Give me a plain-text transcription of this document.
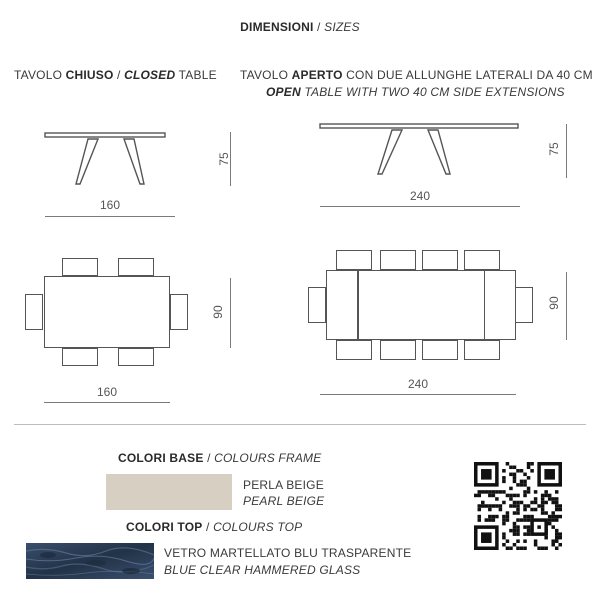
DIMENSIONI / SIZES
TAVOLO CHIUSO / CLOSED TABLE TAVOLO APERTO CON DUE ALLUNGHE LATERALI DA 40 CM
OPEN TABLE WITH TWO 40 CM SIDE EXTENSIONS
75
160
75
240
90
160
90
240
COLORI BASE / COLOURS FRAME
PERLA BEIGE
PEARL BEIGE
COLORI TOP / COLOURS TOP
VETRO MARTELLATO BLU TRASPARENTE
BLUE CLEAR HAMMERED GLASS
